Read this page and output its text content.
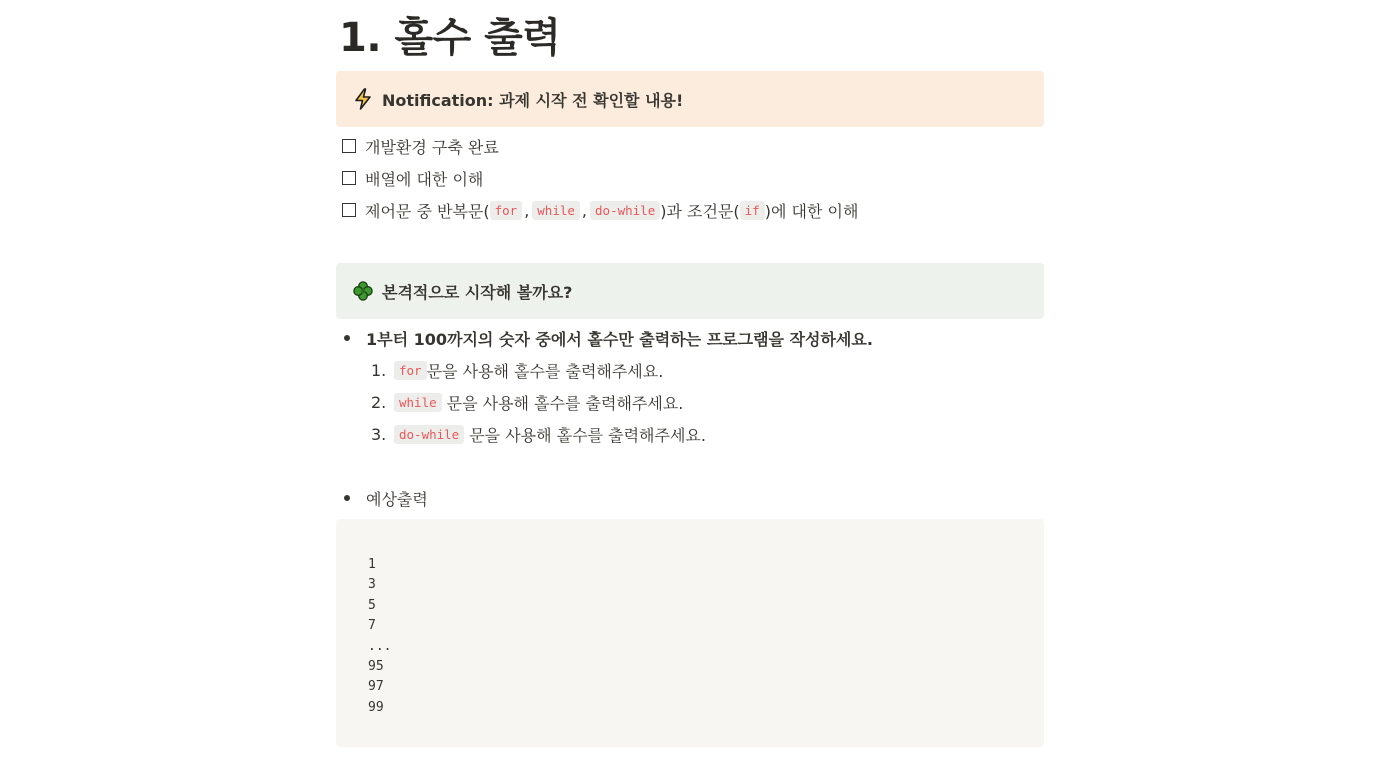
1. 홀수 출력
Notification: 과제 시작 전 확인할 내용!
개발환경 구축 완료
배열에 대한 이해
제어문 중 반복문( for , while , do-while )과 조건문( if )에 대한 이해
본격적으로 시작해 볼까요?
1부터 100까지의 숫자 중에서 홀수만 출력하는 프로그램을 작성하세요.
1.	for 문을 사용해 홀수를 출력해주세요.
2.	while 문을 사용해 홀수를 출력해주세요.
3.	do-while 문을 사용해 홀수를 출력해주세요.
예상출력
1
3
5
7
...
95
97
99
